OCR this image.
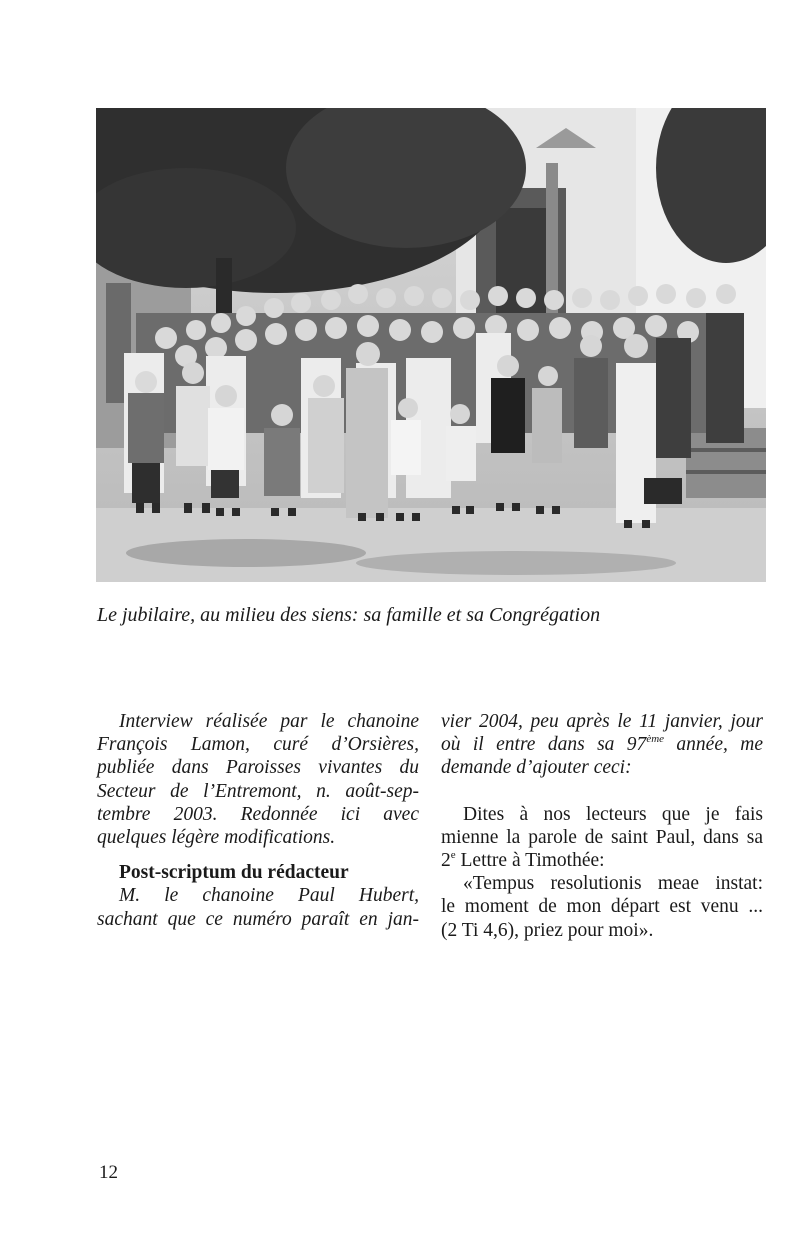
Le jubilaire, au milieu des siens: sa famille et sa Congrégation
Interview réalisée par le chanoine
François Lamon, curé d’Orsières,
publiée dans Paroisses vivantes du
Secteur de l’Entremont, n. août-sep-
tembre 2003. Redonnée ici avec
quelques légère modifications.
Post-scriptum du rédacteur
M. le chanoine Paul Hubert,
sachant que ce numéro paraît en jan-
vier 2004, peu après le 11 janvier, jour
où il entre dans sa 97ème année, me
demande d’ajouter ceci:
Dites à nos lecteurs que je fais
mienne la parole de saint Paul, dans sa
2e Lettre à Timothée:
«Tempus resolutionis meae instat:
le moment de mon départ est venu ...
(2 Ti 4,6), priez pour moi».
12
